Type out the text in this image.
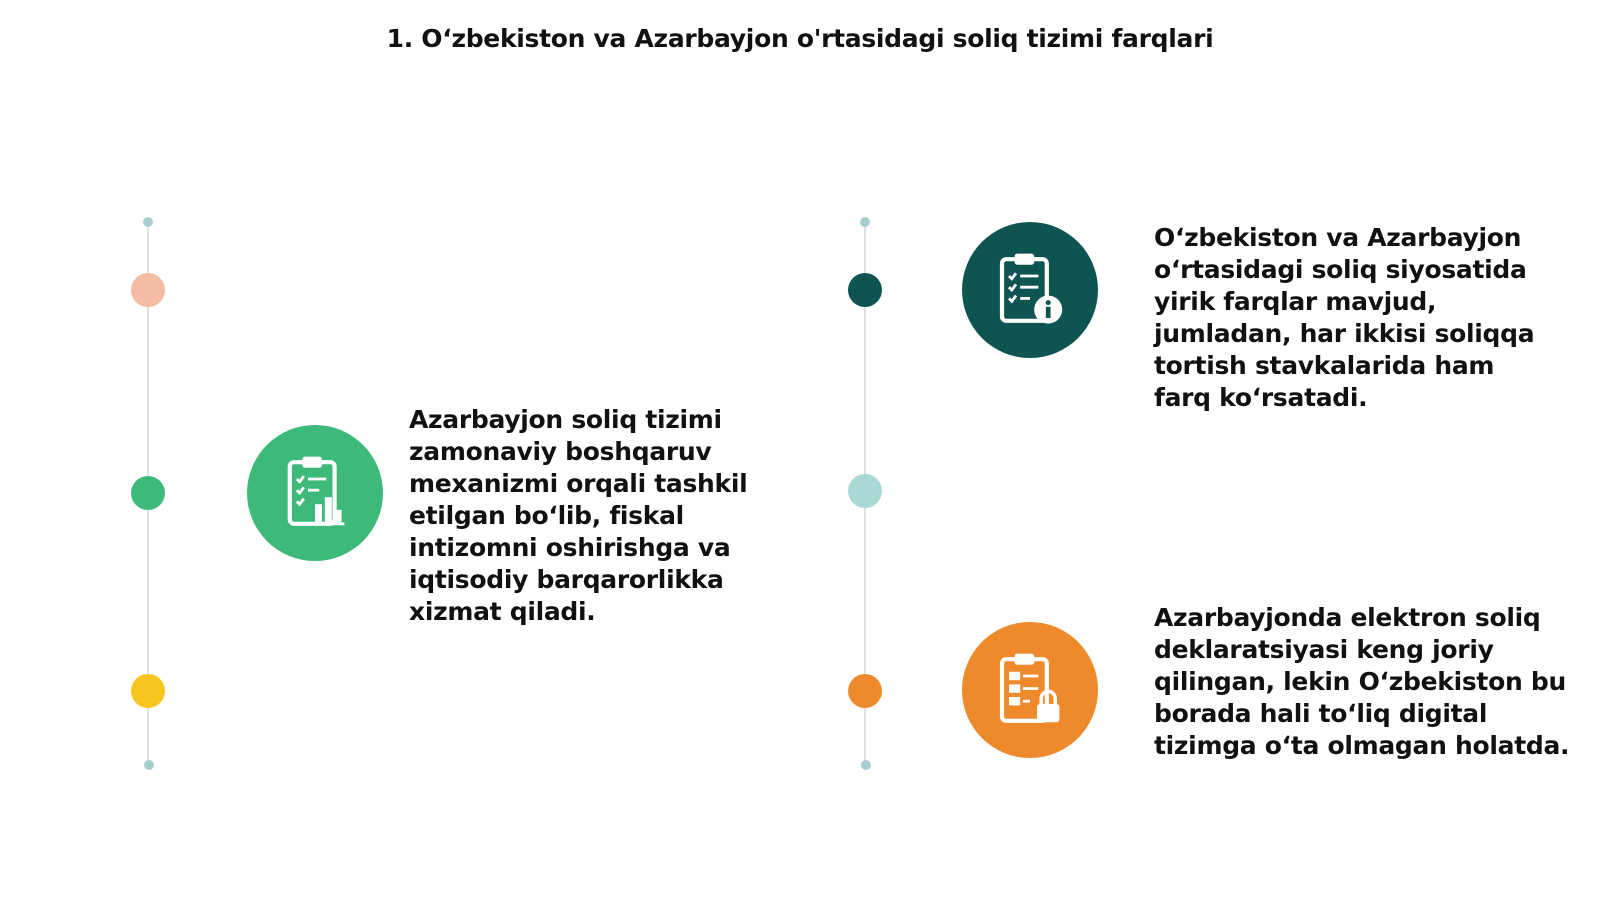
1. Oʻzbekiston va Azarbayjon o'rtasidagi soliq tizimi farqlari
Azarbayjon soliq tizimi zamonaviy boshqaruv mexanizmi orqali tashkil etilgan boʻlib, fiskal intizomni oshirishga va iqtisodiy barqarorlikka xizmat qiladi.
Oʻzbekiston va Azarbayjon oʻrtasidagi soliq siyosatida yirik farqlar mavjud, jumladan, har ikkisi soliqqa tortish stavkalarida ham farq koʻrsatadi.
Azarbayjonda elektron soliq deklaratsiyasi keng joriy qilingan, lekin Oʻzbekiston bu borada hali toʻliq digital tizimga oʻta olmagan holatda.
